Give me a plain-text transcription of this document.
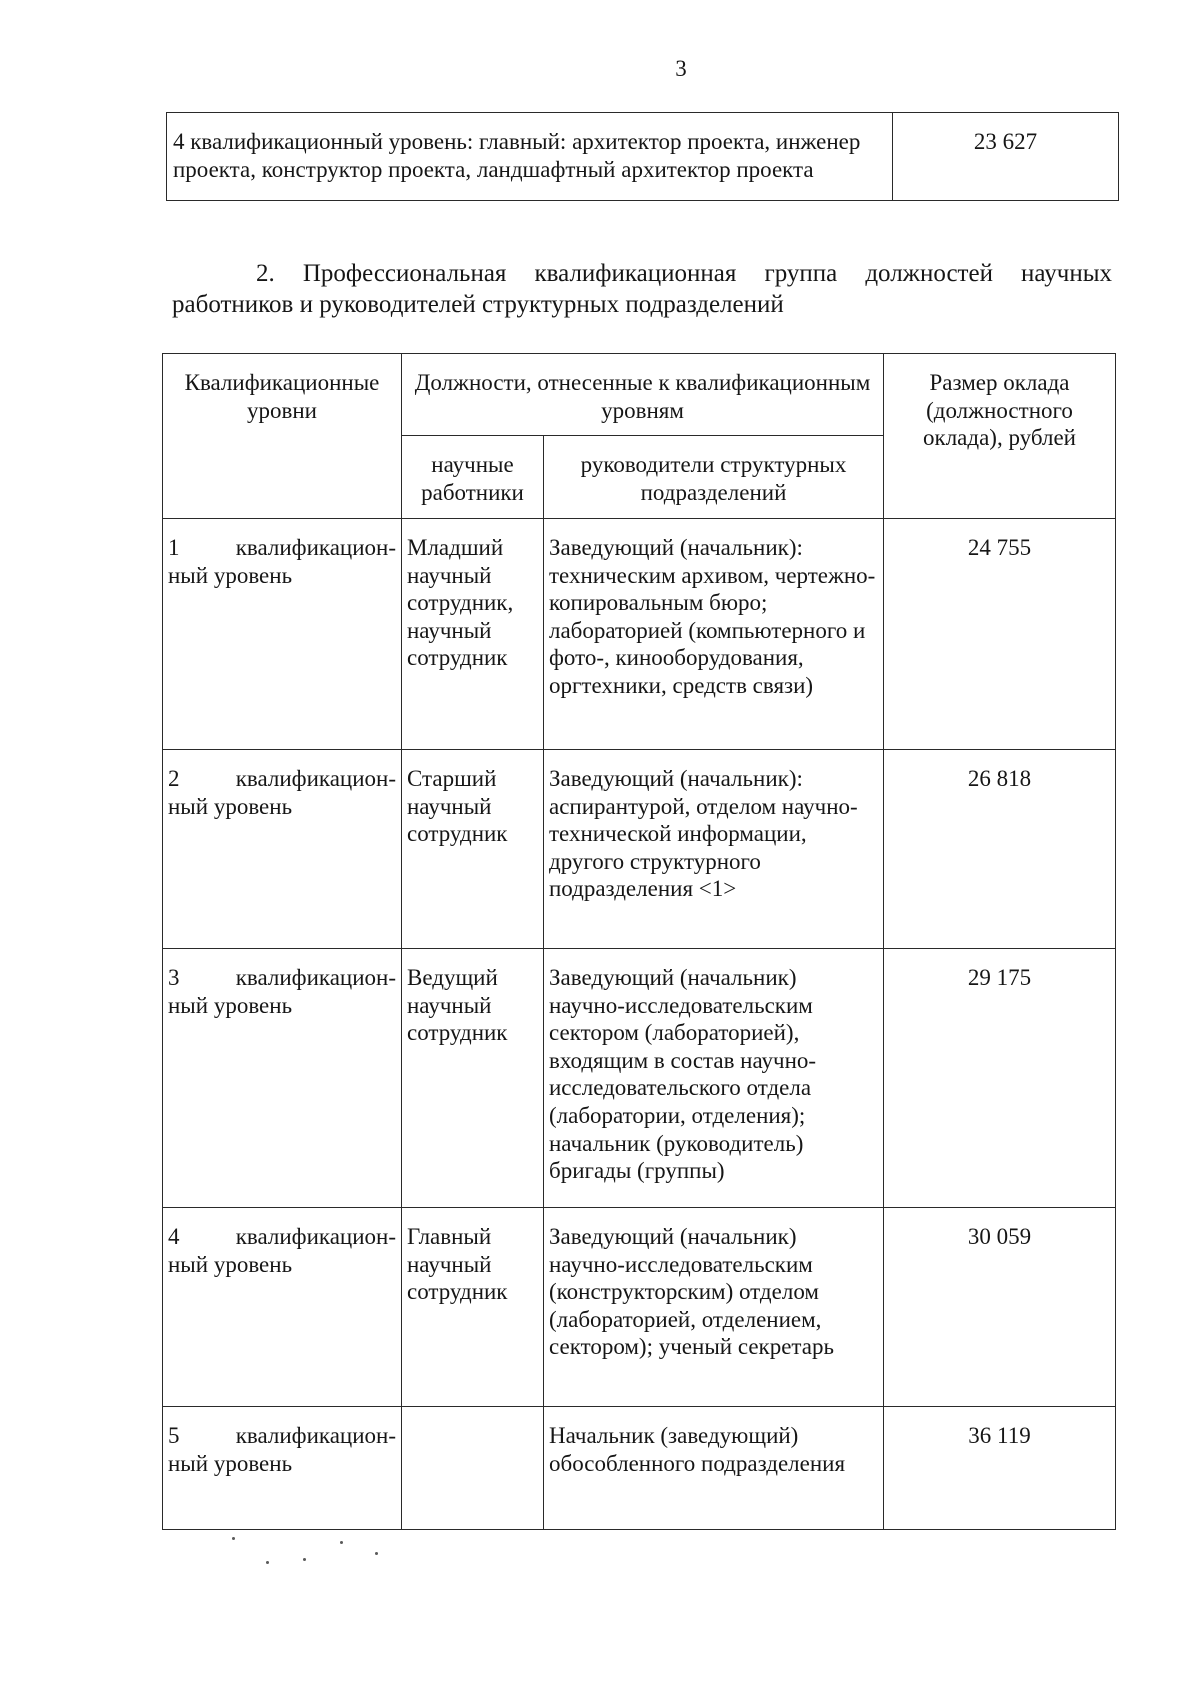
3
4 квалификационный уровень: главный: архитектор проекта, инженер проекта, конструктор проекта, ландшафтный архитектор проекта	23 627
2. Профессиональная квалификационная группа должностей научных работников и руководителей структурных подразделений
Квалификационные уровни	Должности, отнесенные к квалификационным уровням		Размер оклада (должностного оклада), рублей
	научные работники	руководители структурных подразделений	
1 квалификацион-ный уровень	Младший научный сотрудник, научный сотрудник	Заведующий (начальник): техническим архивом, чертежно-копировальным бюро; лабораторией (компьютерного и фото-, кинооборудования, оргтехники, средств связи)	24 755
2 квалификацион-ный уровень	Старший научный сотрудник	Заведующий (начальник): аспирантурой, отделом научно-технической информации, другого структурного подразделения <1>	26 818
3 квалификацион-ный уровень	Ведущий научный сотрудник	Заведующий (начальник) научно-исследовательским сектором (лабораторией), входящим в состав научно-исследовательского отдела (лаборатории, отделения); начальник (руководитель) бригады (группы)	29 175
4 квалификацион-ный уровень	Главный научный сотрудник	Заведующий (начальник) научно-исследовательским (конструкторским) отделом (лабораторией, отделением, сектором); ученый секретарь	30 059
5 квалификацион-ный уровень		Начальник (заведующий) обособленного подразделения	36 119
